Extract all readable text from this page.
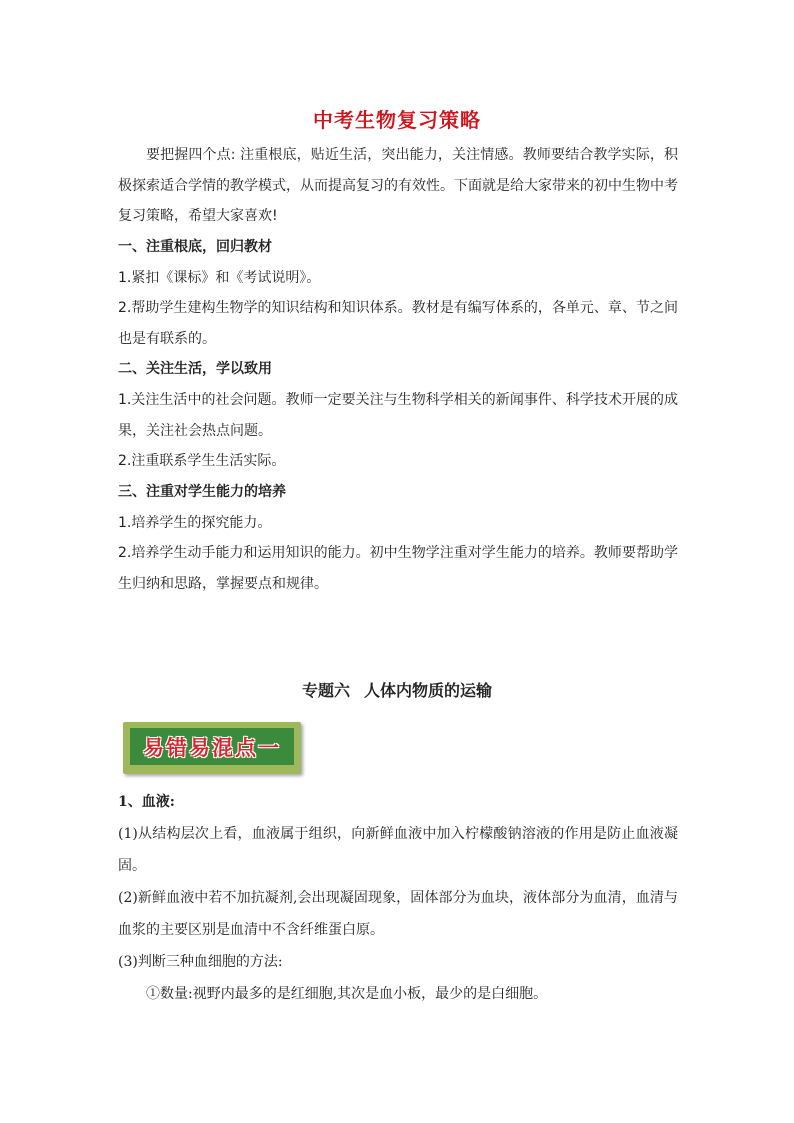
中考生物复习策略

要把握四个点: 注重根底，贴近生活，突出能力，关注情感。教师要结合教学实际，积极探索适合学情的教学模式，从而提高复习的有效性。下面就是给大家带来的初中生物中考复习策略，希望大家喜欢!

一、注重根底，回归教材

1.紧扣《课标》和《考试说明》。

2.帮助学生建构生物学的知识结构和知识体系。教材是有编写体系的，各单元、章、节之间也是有联系的。

二、关注生活，学以致用

1.关注生活中的社会问题。教师一定要关注与生物科学相关的新闻事件、科学技术开展的成果，关注社会热点问题。

2.注重联系学生生活实际。

三、注重对学生能力的培养

1.培养学生的探究能力。

2.培养学生动手能力和运用知识的能力。初中生物学注重对学生能力的培养。教师要帮助学生归纳和思路，掌握要点和规律。

专题六 人体内物质的运输
易错易混点一

1、血液:

(1)从结构层次上看，血液属于组织，向新鲜血液中加入柠檬酸钠溶液的作用是防止血液凝固。

(2)新鲜血液中若不加抗凝剂,会出现凝固现象，固体部分为血块，液体部分为血清，血清与血浆的主要区别是血清中不含纤维蛋白原。

(3)判断三种血细胞的方法:

①数量:视野内最多的是红细胞,其次是血小板，最少的是白细胞。
